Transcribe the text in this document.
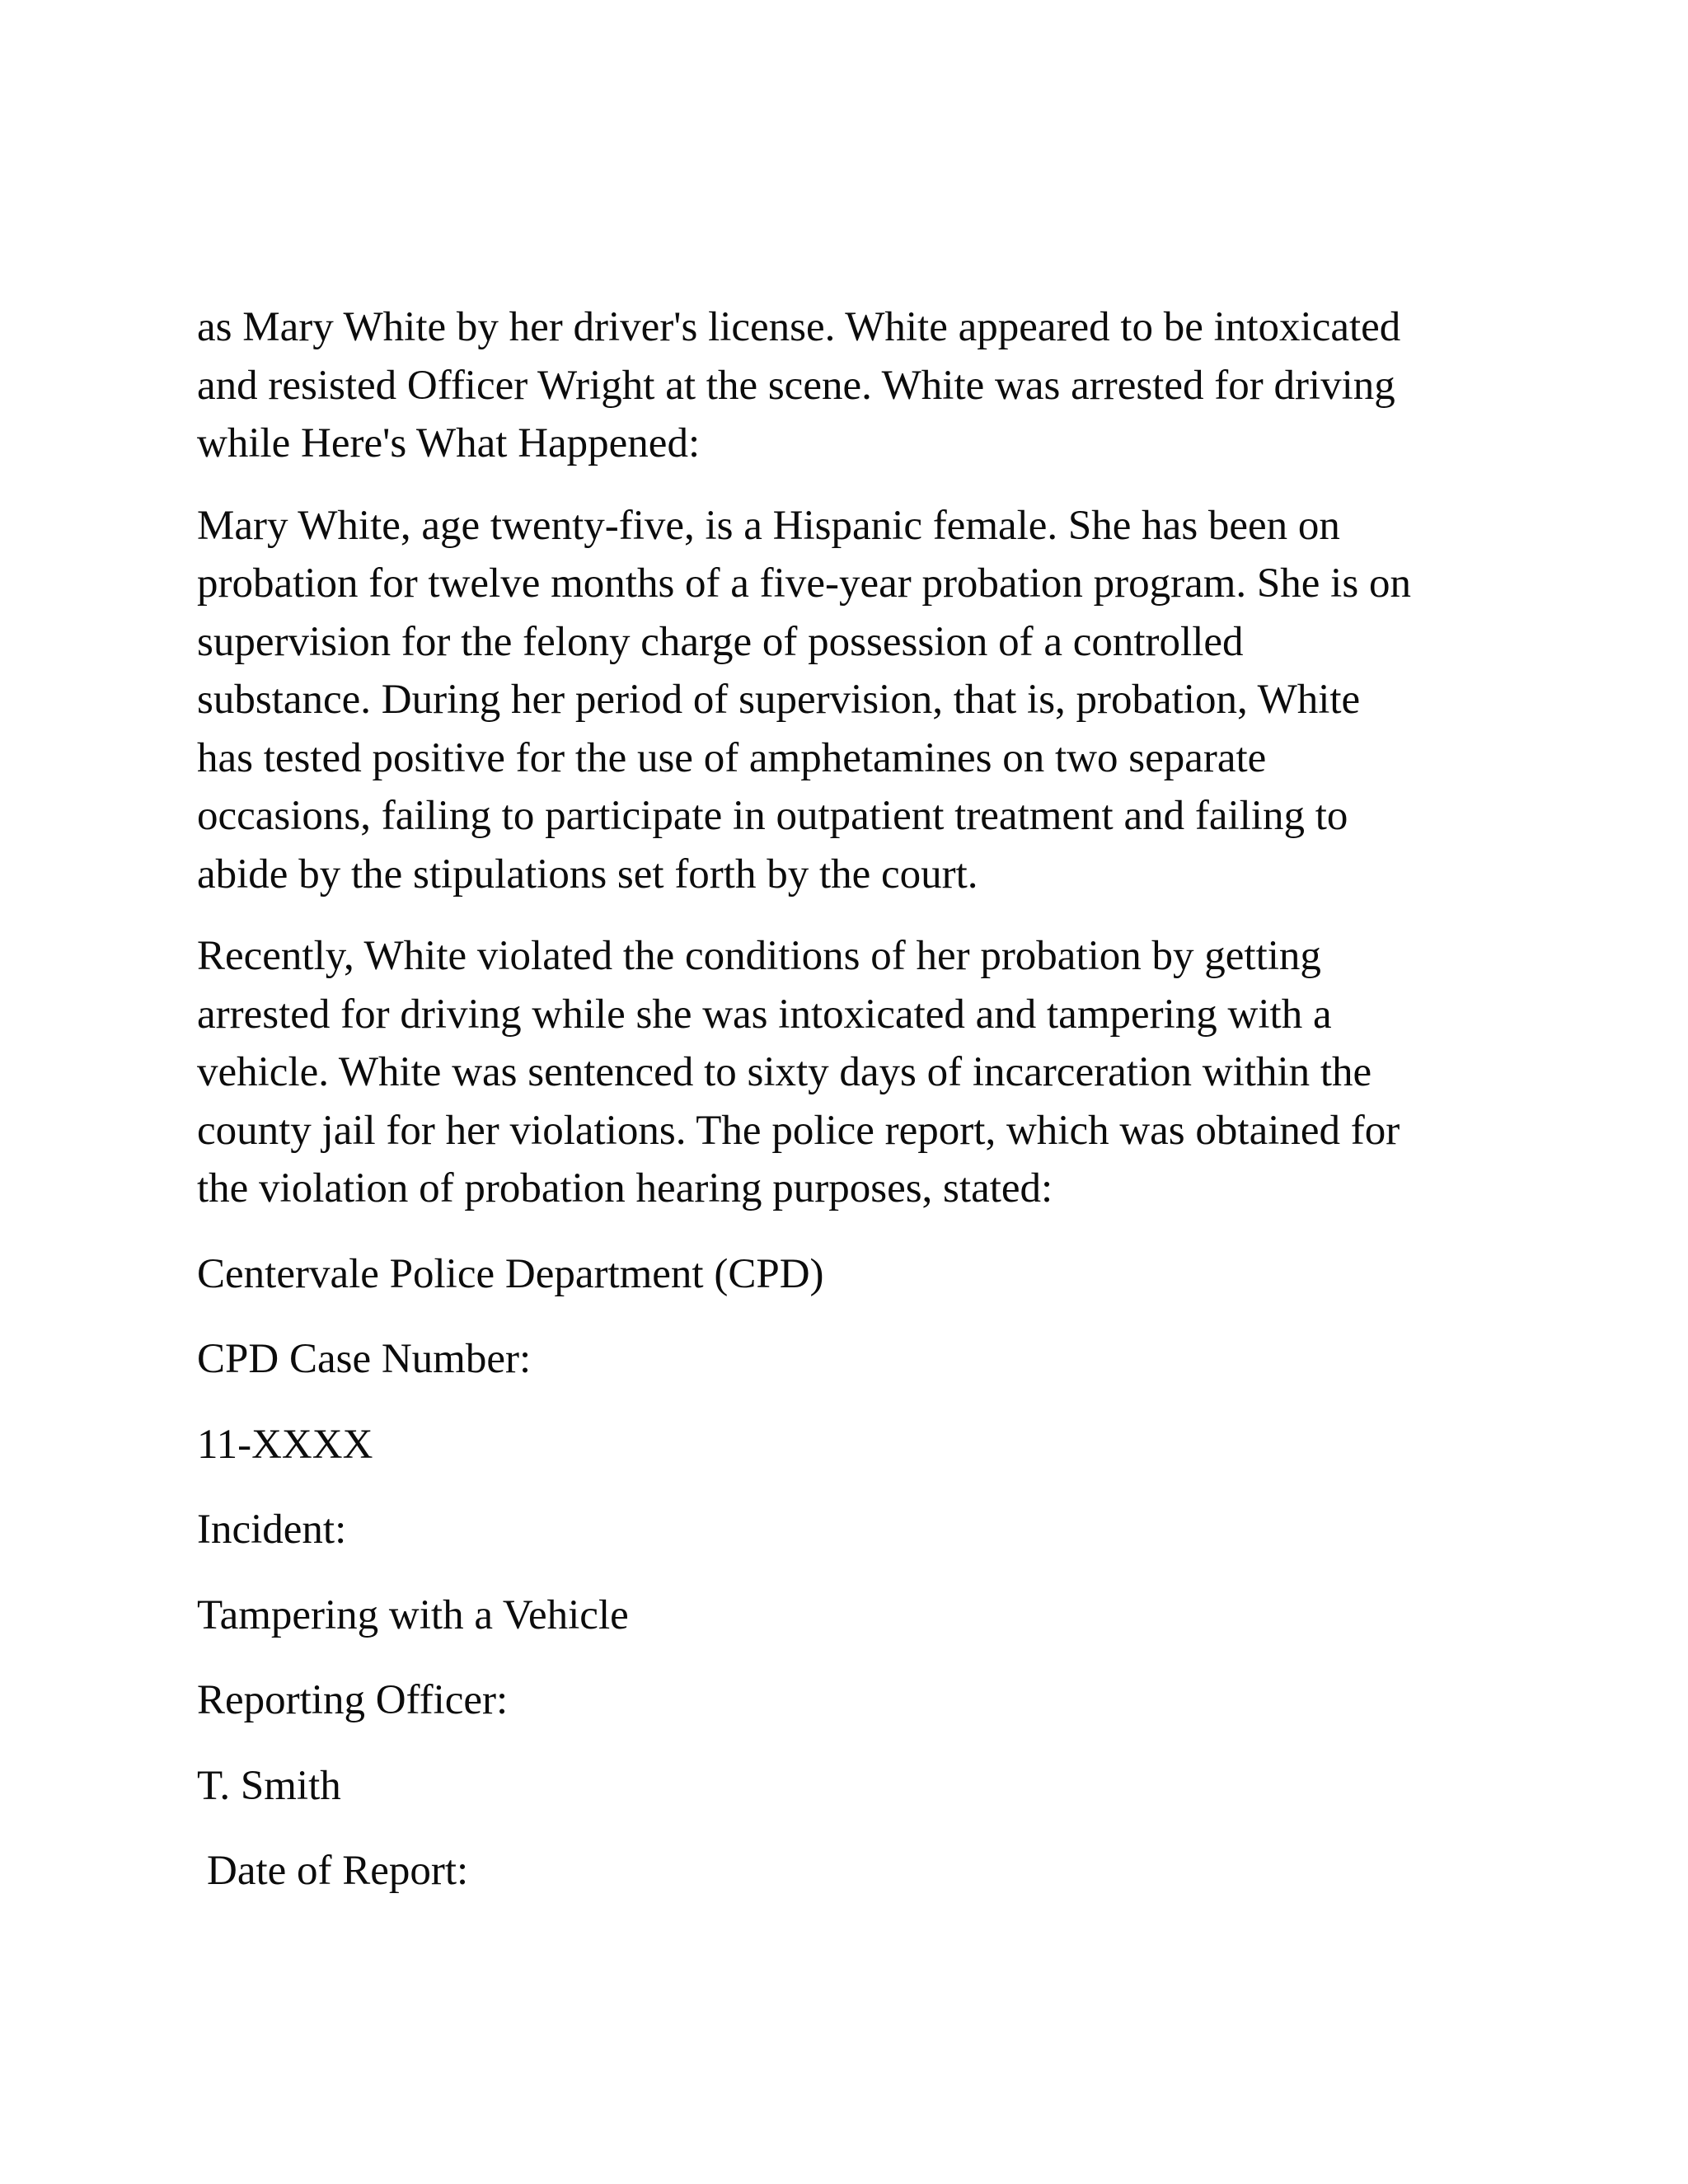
as Mary White by her driver's license. White appeared to be intoxicated
and resisted Officer Wright at the scene. White was arrested for driving
while Here's What Happened:

Mary White, age twenty-five, is a Hispanic female. She has been on
probation for twelve months of a five-year probation program. She is on
supervision for the felony charge of possession of a controlled
substance. During her period of supervision, that is, probation, White
has tested positive for the use of amphetamines on two separate
occasions, failing to participate in outpatient treatment and failing to
abide by the stipulations set forth by the court.

Recently, White violated the conditions of her probation by getting
arrested for driving while she was intoxicated and tampering with a
vehicle. White was sentenced to sixty days of incarceration within the
county jail for her violations. The police report, which was obtained for
the violation of probation hearing purposes, stated:

Centervale Police Department (CPD)

CPD Case Number:

11-XXXX

Incident:

Tampering with a Vehicle

Reporting Officer:

T. Smith

Date of Report:
